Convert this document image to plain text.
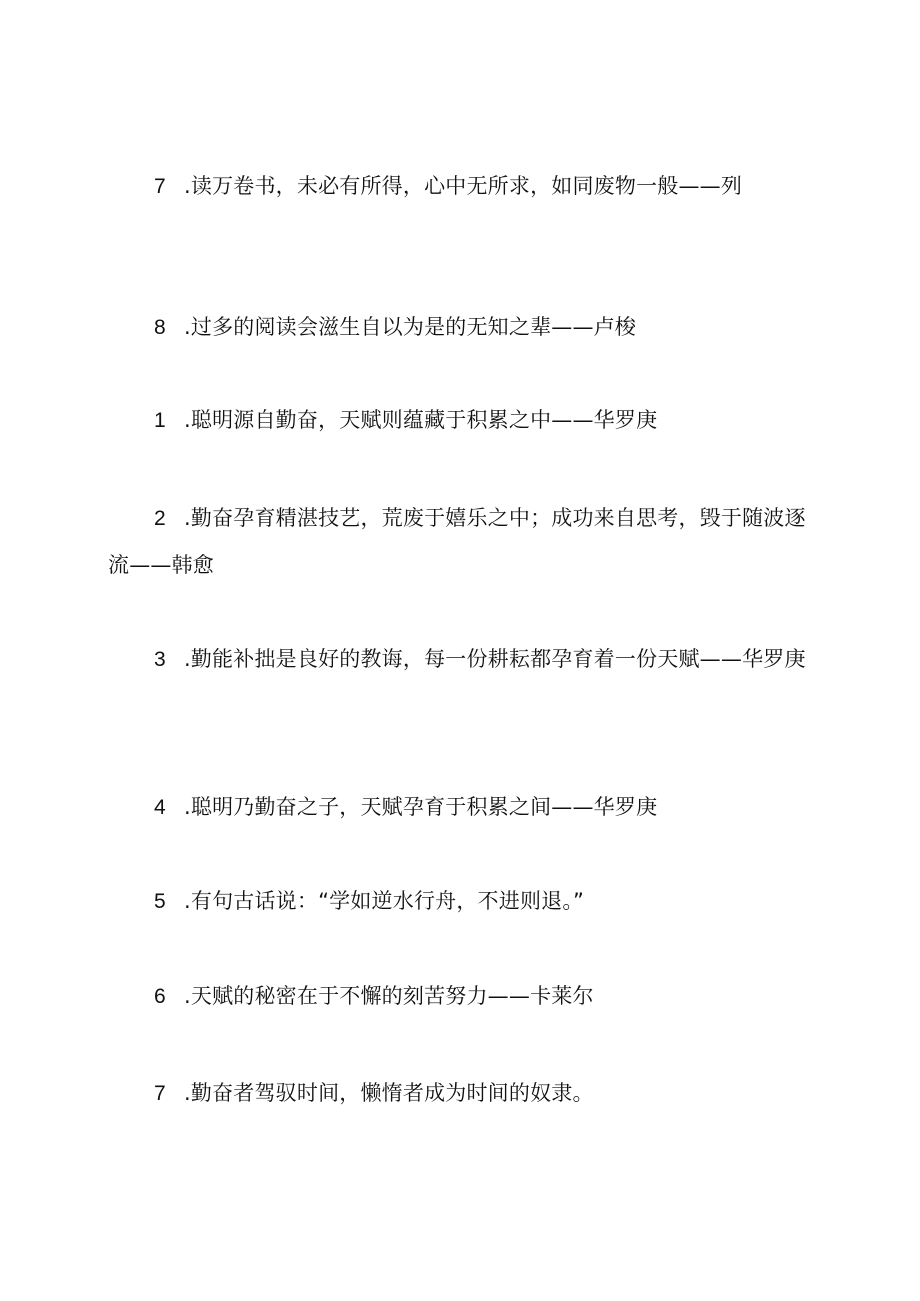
7 .读万卷书，未必有所得，心中无所求，如同废物一般——列

8 .过多的阅读会滋生自以为是的无知之辈——卢梭

1 .聪明源自勤奋，天赋则蕴藏于积累之中——华罗庚

2 .勤奋孕育精湛技艺，荒废于嬉乐之中；成功来自思考，毁于随波逐流——韩愈

3 .勤能补拙是良好的教诲，每一份耕耘都孕育着一份天赋——华罗庚

4 .聪明乃勤奋之子，天赋孕育于积累之间——华罗庚

5 .有句古话说：“学如逆水行舟，不进则退。”

6 .天赋的秘密在于不懈的刻苦努力——卡莱尔

7 .勤奋者驾驭时间，懒惰者成为时间的奴隶。
